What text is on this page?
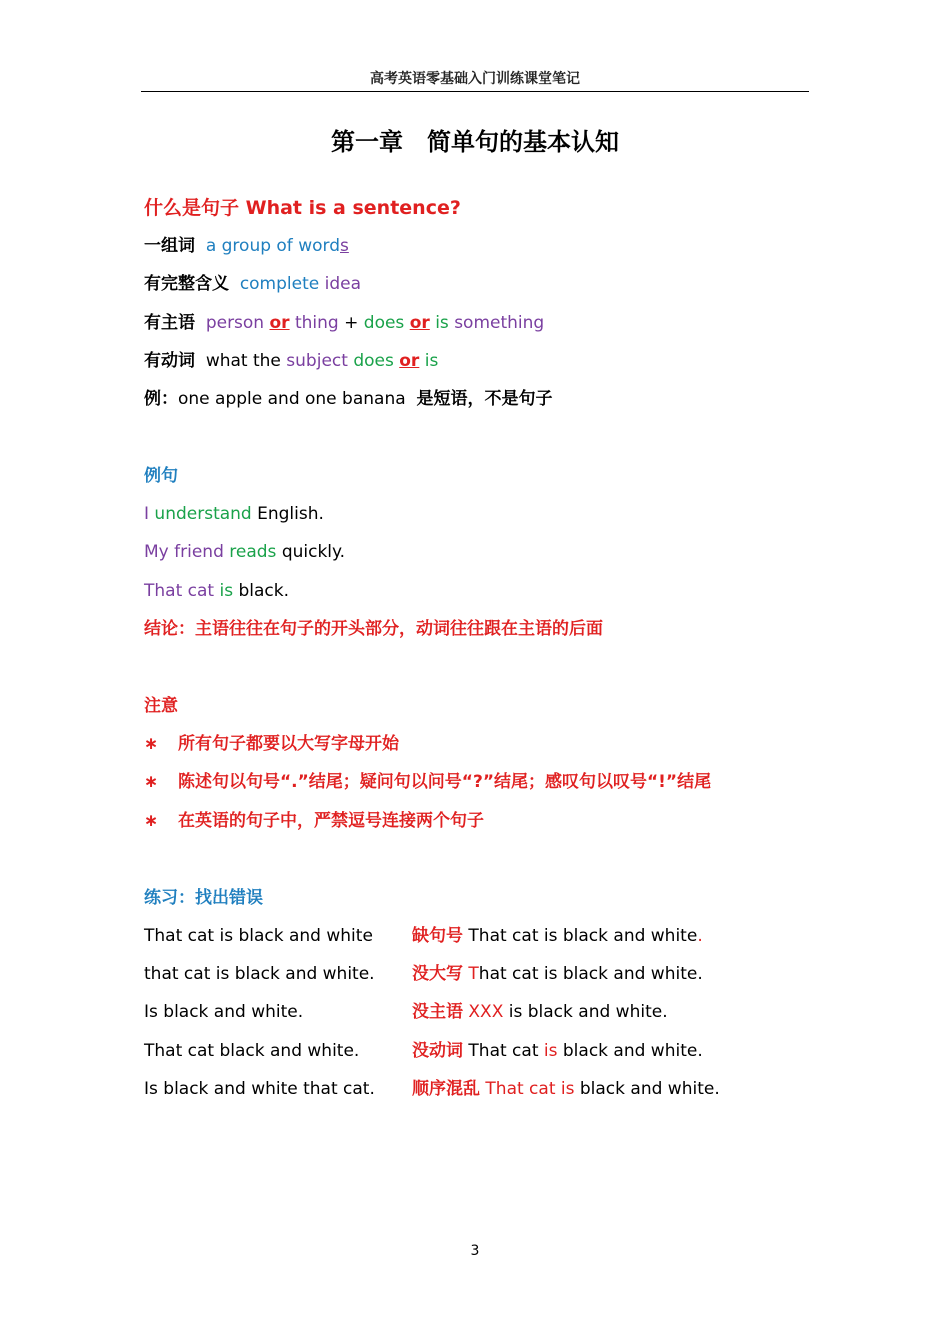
高考英语零基础入门训练课堂笔记
第一章　简单句的基本认知
什么是句子 What is a sentence?
一组词 a group of words
有完整含义 complete idea
有主语 person or thing + does or is something
有动词 what the subject does or is
例：one apple and one banana 是短语，不是句子
例句
I understand English.
My friend reads quickly.
That cat is black.
结论：主语往往在句子的开头部分，动词往往跟在主语的后面
注意
∗ 所有句子都要以大写字母开始
∗ 陈述句以句号“.”结尾；疑问句以问号“?”结尾；感叹句以叹号“!”结尾
∗ 在英语的句子中，严禁逗号连接两个句子
练习：找出错误
That cat is black and white
that cat is black and white.
Is black and white.
That cat black and white.
Is black and white that cat.
缺句号 That cat is black and white.
没大写 That cat is black and white.
没主语 XXX is black and white.
没动词 That cat is black and white.
顺序混乱 That cat is black and white.
3
